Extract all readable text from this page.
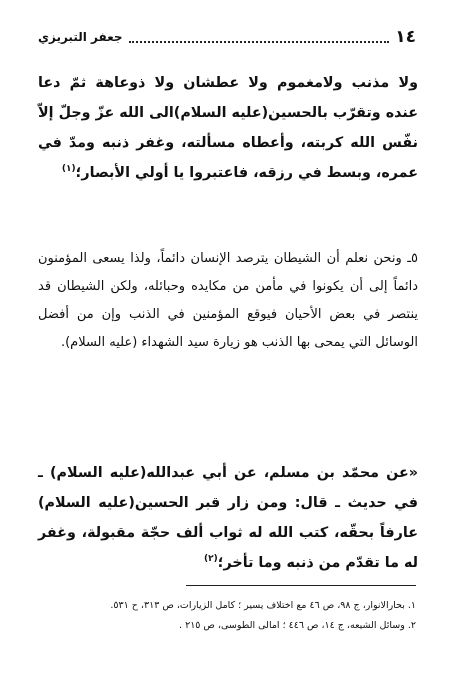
١٤
جعفر التبريزي

ولا مذنب ولامغموم ولا عطشان ولا ذوعاهة ثمّ دعا عنده وتقرّب بالحسين(عليه السلام)الى الله عزّ وجلّ إلاّ نفّس الله كربته، وأعطاه مسألته، وغفر ذنبه ومدّ في عمره، وبسط في رزقه، فاعتبروا يا أولي الأبصار؛$^{(١)}$

٥ـ ونحن نعلم أن الشيطان يترصد الإنسان دائماً، ولذا يسعى المؤمنون دائماً إلى أن يكونوا في مأمن من مكايده وحبائله، ولكن الشيطان قد ينتصر في بعض الأحيان فيوقع المؤمنين في الذنب وإن من أفضل الوسائل التي يمحى بها الذنب هو زيارة سيد الشهداء (عليه السلام).

«عن محمّد بن مسلم، عن أبي عبدالله(عليه السلام) ـ في حديث ـ قال: ومن زار قبر الحسين(عليه السلام) عارفاً بحقّه، كتب الله له ثواب ألف حجّة مقبولة، وغفر له ما تقدّم من ذنبه وما تأخر؛$^{(٢)}$

١. بحارالانوار، ج ٩٨، ص ٤٦ مع اختلاف يسير ؛ كامل الزيارات، ص ٣١٣، ح ٥٣١.

٢. وسائل الشيعه، ج ١٤، ص ٤٤٦ ؛ امالى الطوسى، ص ٢١٥ .
